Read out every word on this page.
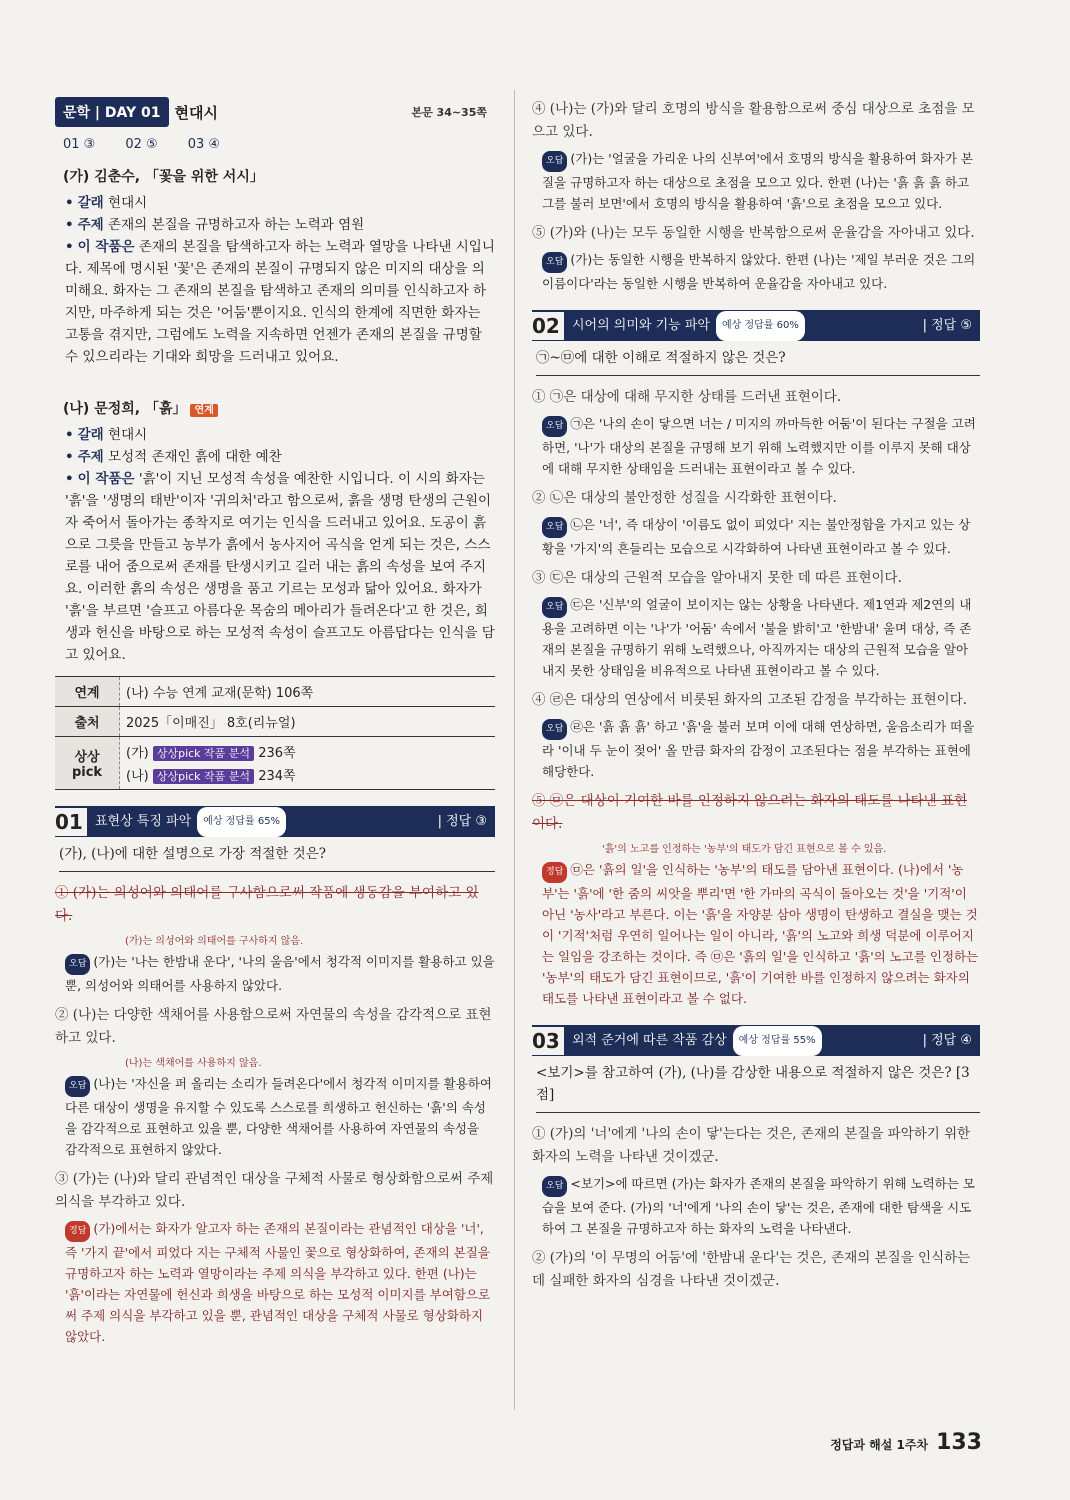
문학 | DAY 01 현대시	본문 34~35쪽
01 ③ 02 ⑤ 03 ④
(가) 김춘수, 「꽃을 위한 서시」
• 갈래 현대시
• 주제 존재의 본질을 규명하고자 하는 노력과 염원
• 이 작품은 존재의 본질을 탐색하고자 하는 노력과 열망을 나타낸 시입니다. 제목에 명시된 '꽃'은 존재의 본질이 규명되지 않은 미지의 대상을 의미해요. 화자는 그 존재의 본질을 탐색하고 존재의 의미를 인식하고자 하지만, 마주하게 되는 것은 '어둠'뿐이지요. 인식의 한계에 직면한 화자는 고통을 겪지만, 그럼에도 노력을 지속하면 언젠가 존재의 본질을 규명할 수 있으리라는 기대와 희망을 드러내고 있어요.
(나) 문정희, 「흙」 연계
• 갈래 현대시
• 주제 모성적 존재인 흙에 대한 예찬
• 이 작품은 '흙'이 지닌 모성적 속성을 예찬한 시입니다. 이 시의 화자는 '흙'을 '생명의 태반'이자 '귀의처'라고 함으로써, 흙을 생명 탄생의 근원이자 죽어서 돌아가는 종착지로 여기는 인식을 드러내고 있어요. 도공이 흙으로 그릇을 만들고 농부가 흙에서 농사지어 곡식을 얻게 되는 것은, 스스로를 내어 줌으로써 존재를 탄생시키고 길러 내는 흙의 속성을 보여 주지요. 이러한 흙의 속성은 생명을 품고 기르는 모성과 닮아 있어요. 화자가 '흙'을 부르면 '슬프고 아름다운 목숨의 메아리가 들려온다'고 한 것은, 희생과 헌신을 바탕으로 하는 모성적 속성이 슬프고도 아름답다는 인식을 담고 있어요.
연계	(나) 수능 연계 교재(문학) 106쪽
출처	2025「이매진」 8호(리뉴얼)
상상 pick	(가) 상상pick 작품 분석 236쪽
(나) 상상pick 작품 분석 234쪽
01 표현상 특징 파악	예상 정답률 65%	| 정답 ③
(가), (나)에 대한 설명으로 가장 적절한 것은?
① (가)는 의성어와 의태어를 구사함으로써 작품에 생동감을 부여하고 있다.
(가)는 의성어와 의태어를 구사하지 않음.
오답 (가)는 '나는 한밤내 운다', '나의 울음'에서 청각적 이미지를 활용하고 있을 뿐, 의성어와 의태어를 사용하지 않았다.
② (나)는 다양한 색채어를 사용함으로써 자연물의 속성을 감각적으로 표현하고 있다.
(나)는 색채어를 사용하지 않음.
오답 (나)는 '자신을 퍼 올리는 소리가 들려온다'에서 청각적 이미지를 활용하여 다른 대상이 생명을 유지할 수 있도록 스스로를 희생하고 헌신하는 '흙'의 속성을 감각적으로 표현하고 있을 뿐, 다양한 색채어를 사용하여 자연물의 속성을 감각적으로 표현하지 않았다.
③ (가)는 (나)와 달리 관념적인 대상을 구체적 사물로 형상화함으로써 주제 의식을 부각하고 있다.
정답 (가)에서는 화자가 알고자 하는 존재의 본질이라는 관념적인 대상을 '너', 즉 '가지 끝'에서 피었다 지는 구체적 사물인 꽃으로 형상화하여, 존재의 본질을 규명하고자 하는 노력과 열망이라는 주제 의식을 부각하고 있다. 한편 (나)는 '흙'이라는 자연물에 헌신과 희생을 바탕으로 하는 모성적 이미지를 부여함으로써 주제 의식을 부각하고 있을 뿐, 관념적인 대상을 구체적 사물로 형상화하지 않았다.
④ (나)는 (가)와 달리 호명의 방식을 활용함으로써 중심 대상으로 초점을 모으고 있다.
오답 (가)는 '얼굴을 가리운 나의 신부여'에서 호명의 방식을 활용하여 화자가 본질을 규명하고자 하는 대상으로 초점을 모으고 있다. 한편 (나)는 '흙 흙 흙 하고 그를 불러 보면'에서 호명의 방식을 활용하여 '흙'으로 초점을 모으고 있다.
⑤ (가)와 (나)는 모두 동일한 시행을 반복함으로써 운율감을 자아내고 있다.
오답 (가)는 동일한 시행을 반복하지 않았다. 한편 (나)는 '제일 부러운 것은 그의 이름이다'라는 동일한 시행을 반복하여 운율감을 자아내고 있다.
02 시어의 의미와 기능 파악	예상 정답률 60%	| 정답 ⑤
㉠~㉤에 대한 이해로 적절하지 않은 것은?
① ㉠은 대상에 대해 무지한 상태를 드러낸 표현이다.
오답 ㉠은 '나의 손이 닿으면 너는 / 미지의 까마득한 어둠'이 된다는 구절을 고려하면, '나'가 대상의 본질을 규명해 보기 위해 노력했지만 이를 이루지 못해 대상에 대해 무지한 상태임을 드러내는 표현이라고 볼 수 있다.
② ㉡은 대상의 불안정한 성질을 시각화한 표현이다.
오답 ㉡은 '너', 즉 대상이 '이름도 없이 피었다' 지는 불안정함을 가지고 있는 상황을 '가지'의 흔들리는 모습으로 시각화하여 나타낸 표현이라고 볼 수 있다.
③ ㉢은 대상의 근원적 모습을 알아내지 못한 데 따른 표현이다.
오답 ㉢은 '신부'의 얼굴이 보이지는 않는 상황을 나타낸다. 제1연과 제2연의 내용을 고려하면 이는 '나'가 '어둠' 속에서 '불을 밝히'고 '한밤내' 울며 대상, 즉 존재의 본질을 규명하기 위해 노력했으나, 아직까지는 대상의 근원적 모습을 알아내지 못한 상태임을 비유적으로 나타낸 표현이라고 볼 수 있다.
④ ㉣은 대상의 연상에서 비롯된 화자의 고조된 감정을 부각하는 표현이다.
오답 ㉣은 '흙 흙 흙' 하고 '흙'을 불러 보며 이에 대해 연상하면, 울음소리가 떠올라 '이내 두 눈이 젖어' 올 만큼 화자의 감정이 고조된다는 점을 부각하는 표현에 해당한다.
⑤ ㉤은 대상이 기여한 바를 인정하지 않으려는 화자의 태도를 나타낸 표현이다.
'흙'의 노고를 인정하는 '농부'의 태도가 담긴 표현으로 볼 수 있음.
정답 ㉤은 '흙의 일'을 인식하는 '농부'의 태도를 담아낸 표현이다. (나)에서 '농부'는 '흙'에 '한 줌의 씨앗을 뿌리'면 '한 가마의 곡식이 돌아오는 것'을 '기적'이 아닌 '농사'라고 부른다. 이는 '흙'을 자양분 삼아 생명이 탄생하고 결실을 맺는 것이 '기적'처럼 우연히 일어나는 일이 아니라, '흙'의 노고와 희생 덕분에 이루어지는 일임을 강조하는 것이다. 즉 ㉤은 '흙의 일'을 인식하고 '흙'의 노고를 인정하는 '농부'의 태도가 담긴 표현이므로, '흙'이 기여한 바를 인정하지 않으려는 화자의 태도를 나타낸 표현이라고 볼 수 없다.
03 외적 준거에 따른 작품 감상	예상 정답률 55%	| 정답 ④
<보기>를 참고하여 (가), (나)를 감상한 내용으로 적절하지 않은 것은? [3점]
① (가)의 '너'에게 '나의 손이 닿'는다는 것은, 존재의 본질을 파악하기 위한 화자의 노력을 나타낸 것이겠군.
오답 <보기>에 따르면 (가)는 화자가 존재의 본질을 파악하기 위해 노력하는 모습을 보여 준다. (가)의 '너'에게 '나의 손이 닿'는 것은, 존재에 대한 탐색을 시도하여 그 본질을 규명하고자 하는 화자의 노력을 나타낸다.
② (가)의 '이 무명의 어둠'에 '한밤내 운다'는 것은, 존재의 본질을 인식하는 데 실패한 화자의 심경을 나타낸 것이겠군.
정답과 해설 1주차 133
